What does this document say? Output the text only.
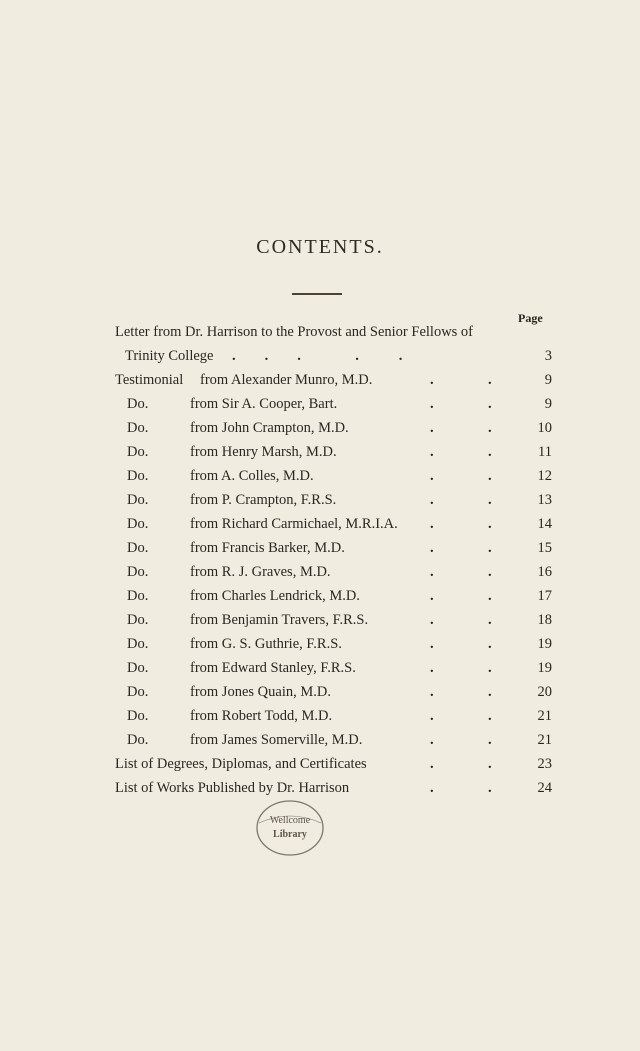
CONTENTS.
Page
Letter from Dr. Harrison to the Provost and Senior Fellows of
Trinity College .        .        .               .           .	3
Testimonial from Alexander Munro, M.D.	.	.	9
Do.	from Sir A. Cooper, Bart.	.	.	9
Do.	from John Crampton, M.D.	.	.	10
Do.	from Henry Marsh, M.D.	.	.	11
Do.	from A. Colles, M.D.	.	.	12
Do.	from P. Crampton, F.R.S.	.	.	13
Do.	from Richard Carmichael, M.R.I.A. .	.	14
Do.	from Francis Barker, M.D.	.	.	15
Do.	from R. J. Graves, M.D.	.	.	16
Do.	from Charles Lendrick, M.D.	.	.	17
Do.	from Benjamin Travers, F.R.S.	.	.	18
Do.	from G. S. Guthrie, F.R.S.	.	.	19
Do.	from Edward Stanley, F.R.S.	.	.	19
Do.	from Jones Quain, M.D.	.	.	20
Do.	from Robert Todd, M.D.	.	.	21
Do.	from James Somerville, M.D.	.	.	21
List of Degrees, Diplomas, and Certificates	.	.	23
List of Works Published by Dr. Harrison	.	.	24
Wellcome
Library
